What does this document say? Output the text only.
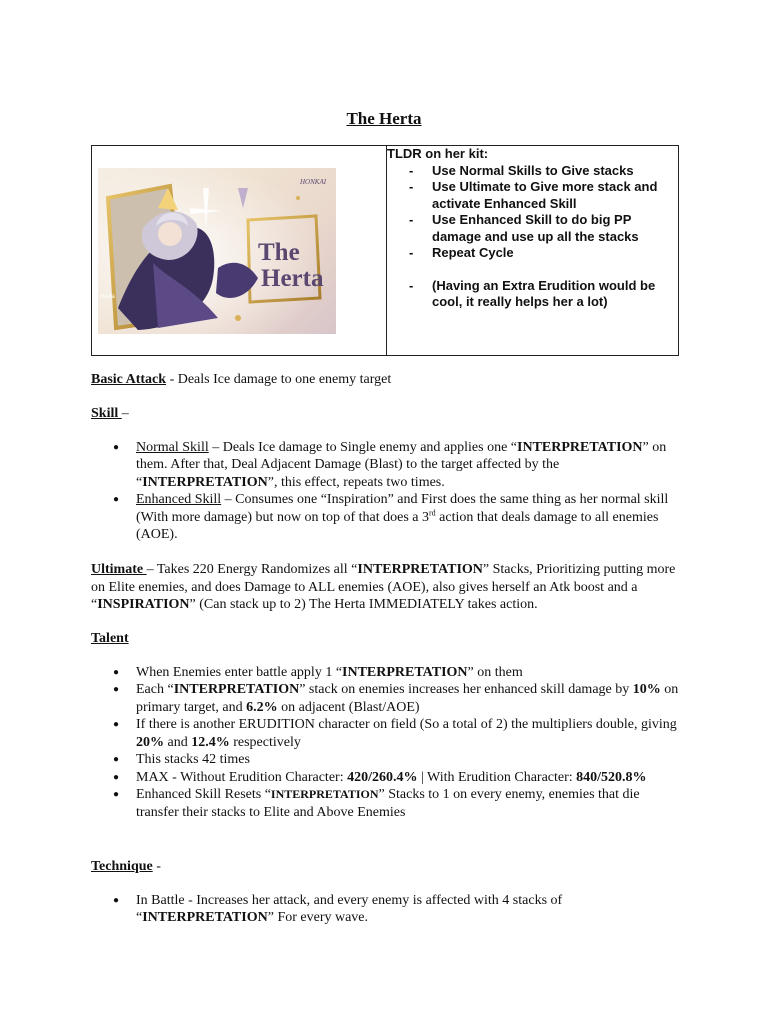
The Herta
The
Herta
HONKAI
Herta

TLDR on her kit:
- Use Normal Skills to Give stacks
- Use Ultimate to Give more stack and activate Enhanced Skill
- Use Enhanced Skill to do big PP damage and use up all the stacks
- Repeat Cycle
- (Having an Extra Erudition would be cool, it really helps her a lot)

Basic Attack - Deals Ice damage to one enemy target

Skill –

● Normal Skill – Deals Ice damage to Single enemy and applies one “INTERPRETATION” on them. After that, Deal Adjacent Damage (Blast) to the target affected by the “INTERPRETATION”, this effect, repeats two times.
● Enhanced Skill – Consumes one “Inspiration” and First does the same thing as her normal skill (With more damage) but now on top of that does a 3rd action that deals damage to all enemies (AOE).

Ultimate – Takes 220 Energy Randomizes all “INTERPRETATION” Stacks, Prioritizing putting more on Elite enemies, and does Damage to ALL enemies (AOE), also gives herself an Atk boost and a “INSPIRATION” (Can stack up to 2) The Herta IMMEDIATELY takes action.

Talent

● When Enemies enter battle apply 1 “INTERPRETATION” on them
● Each “INTERPRETATION” stack on enemies increases her enhanced skill damage by 10% on primary target, and 6.2% on adjacent (Blast/AOE)
● If there is another ERUDITION character on field (So a total of 2) the multipliers double, giving 20% and 12.4% respectively
● This stacks 42 times
● MAX - Without Erudition Character: 420/260.4% | With Erudition Character: 840/520.8%
● Enhanced Skill Resets “INTERPRETATION” Stacks to 1 on every enemy, enemies that die transfer their stacks to Elite and Above Enemies

Technique -

● In Battle - Increases her attack, and every enemy is affected with 4 stacks of “INTERPRETATION” For every wave.
